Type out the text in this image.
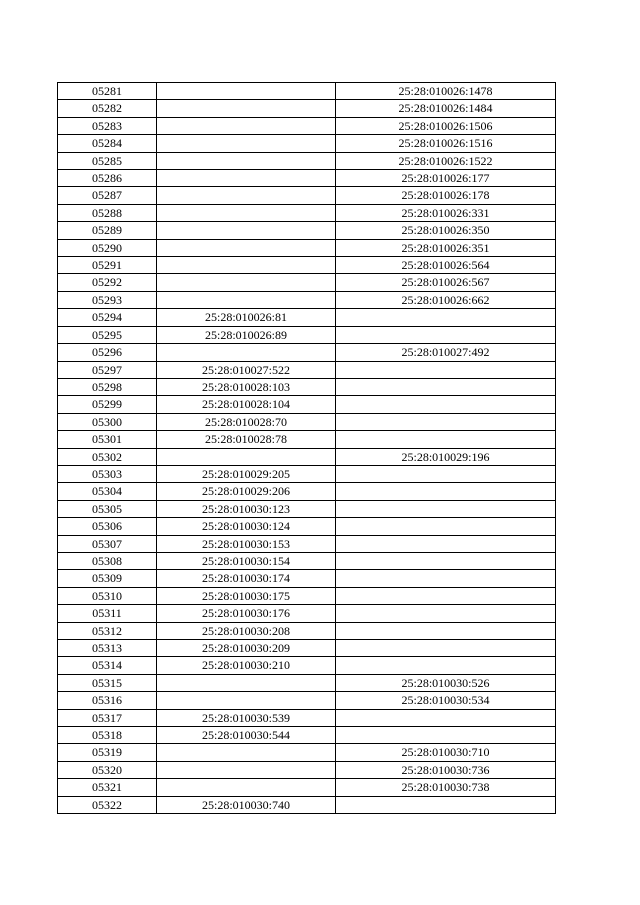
05281		25:28:010026:1478
05282		25:28:010026:1484
05283		25:28:010026:1506
05284		25:28:010026:1516
05285		25:28:010026:1522
05286		25:28:010026:177
05287		25:28:010026:178
05288		25:28:010026:331
05289		25:28:010026:350
05290		25:28:010026:351
05291		25:28:010026:564
05292		25:28:010026:567
05293		25:28:010026:662
05294	25:28:010026:81	
05295	25:28:010026:89	
05296		25:28:010027:492
05297	25:28:010027:522	
05298	25:28:010028:103	
05299	25:28:010028:104	
05300	25:28:010028:70	
05301	25:28:010028:78	
05302		25:28:010029:196
05303	25:28:010029:205	
05304	25:28:010029:206	
05305	25:28:010030:123	
05306	25:28:010030:124	
05307	25:28:010030:153	
05308	25:28:010030:154	
05309	25:28:010030:174	
05310	25:28:010030:175	
05311	25:28:010030:176	
05312	25:28:010030:208	
05313	25:28:010030:209	
05314	25:28:010030:210	
05315		25:28:010030:526
05316		25:28:010030:534
05317	25:28:010030:539	
05318	25:28:010030:544	
05319		25:28:010030:710
05320		25:28:010030:736
05321		25:28:010030:738
05322	25:28:010030:740	
